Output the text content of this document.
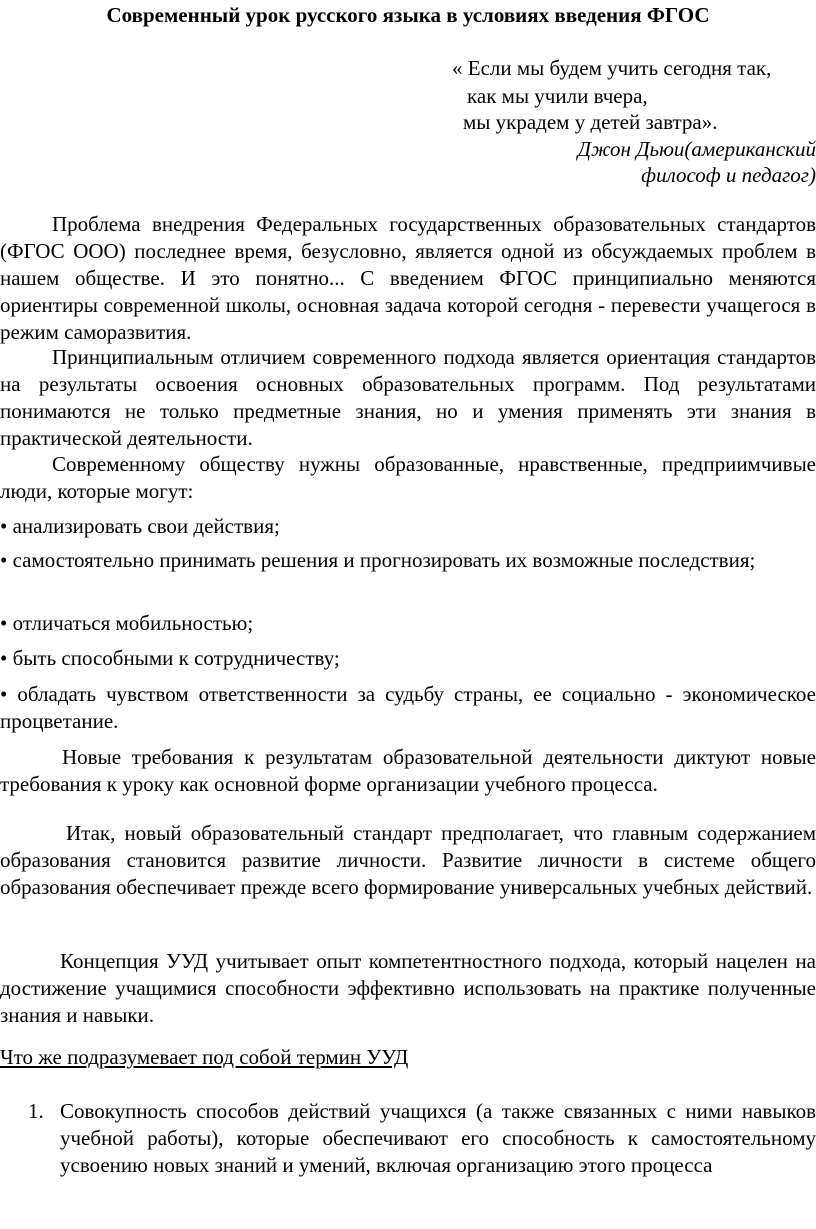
Современный урок русского языка в условиях введения ФГОС
« Если мы будем учить сегодня так,
как мы учили вчера,
мы украдем у детей завтра».
Джон Дьюи(американский
философ и педагог)

Проблема внедрения Федеральных государственных образовательных стандартов (ФГОС ООО) последнее время, безусловно, является одной из обсуждаемых проблем в нашем обществе. И это понятно... С введением ФГОС принципиально меняются ориентиры современной школы, основная задача которой сегодня - перевести учащегося в режим саморазвития.

Принципиальным отличием современного подхода является ориентация стандартов на результаты освоения основных образовательных программ. Под результатами понимаются не только предметные знания, но и умения применять эти знания в практической деятельности.

Современному обществу нужны образованные, нравственные, предприимчивые люди, которые могут:

• анализировать свои действия;

• самостоятельно принимать решения и прогнозировать их возможные последствия;

• отличаться мобильностью;

• быть способными к сотрудничеству;

• обладать чувством ответственности за судьбу страны, ее социально - экономическое процветание.

Новые требования к результатам образовательной деятельности диктуют новые требования к уроку как основной форме организации учебного процесса.

Итак, новый образовательный стандарт предполагает, что главным содержанием образования становится развитие личности. Развитие личности в системе общего образования обеспечивает прежде всего формирование универсальных учебных действий.

Концепция УУД учитывает опыт компетентностного подхода, который нацелен на достижение учащимися способности эффективно использовать на практике полученные знания и навыки.

Что же подразумевает под собой термин УУД
1. Совокупность способов действий учащихся (а также связанных с ними навыков учебной работы), которые обеспечивают его способность к самостоятельному усвоению новых знаний и умений, включая организацию этого процесса
